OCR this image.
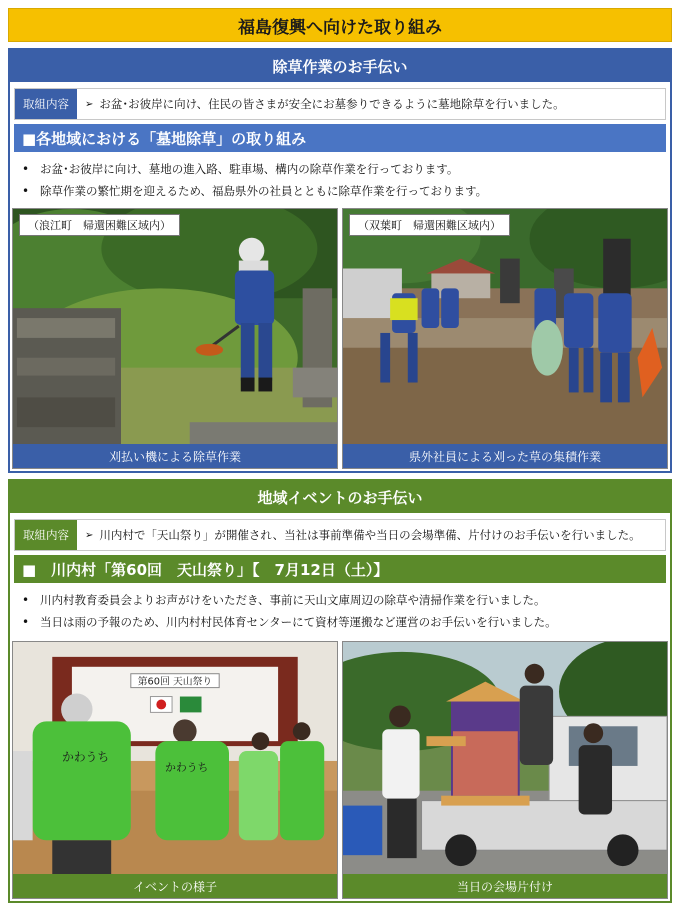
福島復興へ向けた取り組み
除草作業のお手伝い
取組内容	➢ お盆･お彼岸に向け、住民の皆さまが安全にお墓参りできるように墓地除草を行いました。
■各地域における「墓地除草」の取り組み
• お盆･お彼岸に向け、墓地の進入路、駐車場、構内の除草作業を行っております。
• 除草作業の繁忙期を迎えるため、福島県外の社員とともに除草作業を行っております。
（浪江町　帰還困難区域内）
刈払い機による除草作業
（双葉町　帰還困難区域内）
県外社員による刈った草の集積作業
地域イベントのお手伝い
取組内容	➢ 川内村で「天山祭り」が開催され、当社は事前準備や当日の会場準備、片付けのお手伝いを行いました。
■　川内村「第60回　天山祭り」【　7月12日（土）】
• 川内村教育委員会よりお声がけをいただき、事前に天山文庫周辺の除草や清掃作業を行いました。
• 当日は雨の予報のため、川内村村民体育センターにて資材等運搬など運営のお手伝いを行いました。
第60回 天山祭り
かわうち
かわうち
イベントの様子	当日の会場片付け
